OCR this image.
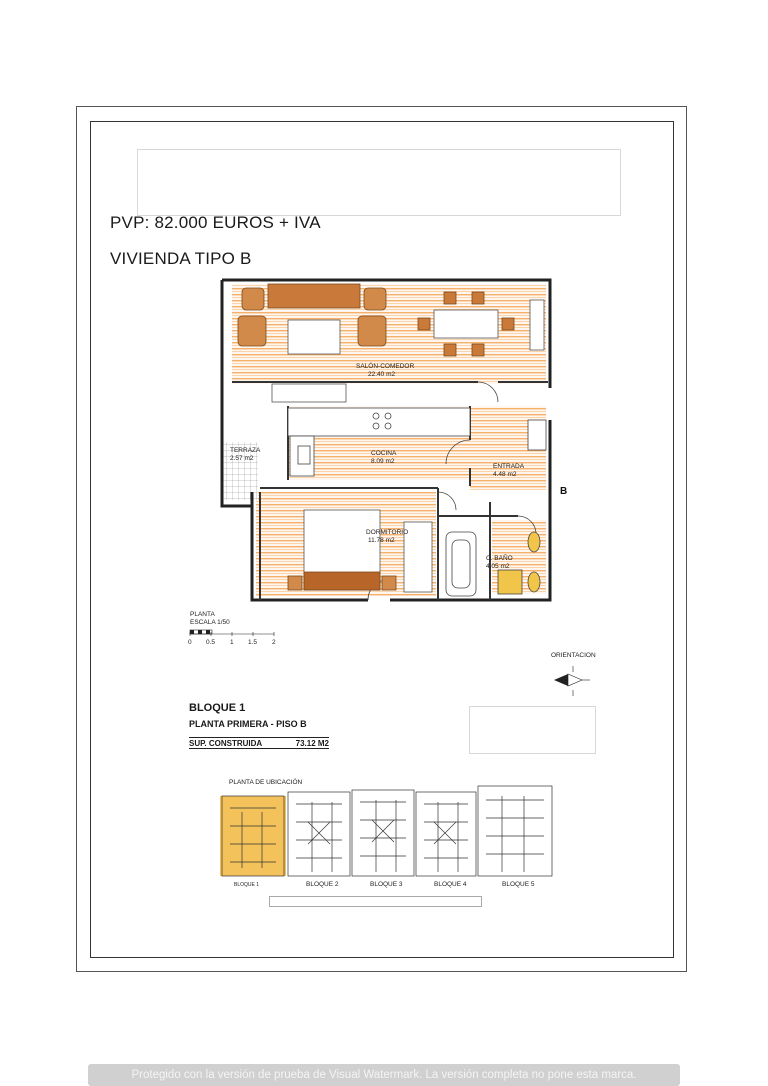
PVP: 82.000 EUROS + IVA
VIVIENDA TIPO B
SALÓN-COMEDOR
22.40 m2
TERRAZA
2.57 m2
COCINA
8.09 m2
ENTRADA
4.48 m2
DORMITORIO
11.78 m2
C. BAÑO
4.05 m2
B
PLANTA
ESCALA 1/50
0 0.5 1 1.5 2
ORIENTACION
BLOQUE 1
PLANTA PRIMERA - PISO B
SUP. CONSTRUIDA	73.12 M2
PLANTA DE UBICACIÓN
BLOQUE 1	BLOQUE 2	BLOQUE 3	BLOQUE 4	BLOQUE 5
Protegido con la versión de prueba de Visual Watermark. La versión completa no pone esta marca.
